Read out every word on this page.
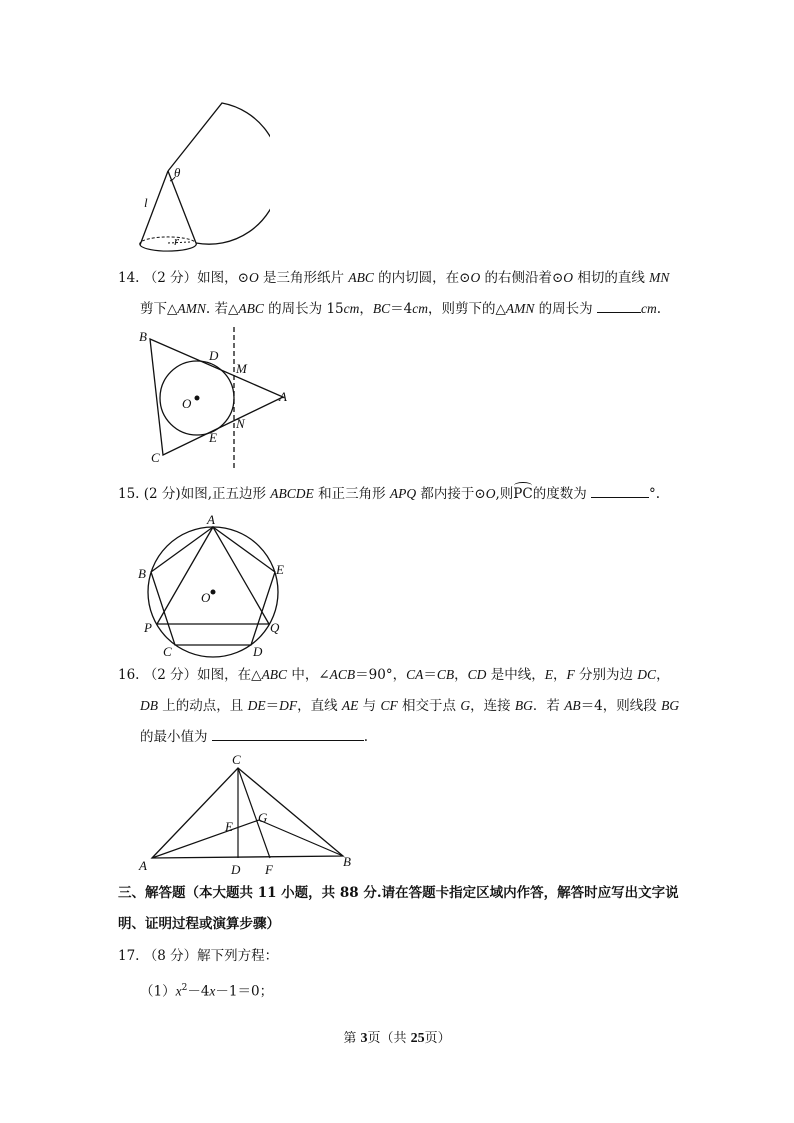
l
θ
r
14. （2 分）如图，⊙O 是三角形纸片 ABC 的内切圆，在⊙O 的右侧沿着⊙O 相切的直线 MN
剪下△AMN. 若△ABC 的周长为 15cm，BC＝4cm，则剪下的△AMN 的周长为	cm.
B
D
M
A
O
N
E
C
15. (2 分)如图,正五边形 ABCDE 和正三角形 APQ 都内接于⊙O,则PC的度数为	°.
A
B	E
O
P	Q
C	D
16. （2 分）如图，在△ABC 中，∠ACB＝90°，CA＝CB，CD 是中线，E，F 分别为边 DC，
DB 上的动点，且 DE＝DF，直线 AE 与 CF 相交于点 G，连接 BG．若 AB＝4，则线段 BG
的最小值为	.
C
E
G
A	D F
B
三、解答题（本大题共 11 小题，共 88 分.请在答题卡指定区域内作答，解答时应写出文字说
明、证明过程或演算步骤）
17. （8 分）解下列方程：
$(1)x^2-4x-1=0$；
第 3页（共 25页）
